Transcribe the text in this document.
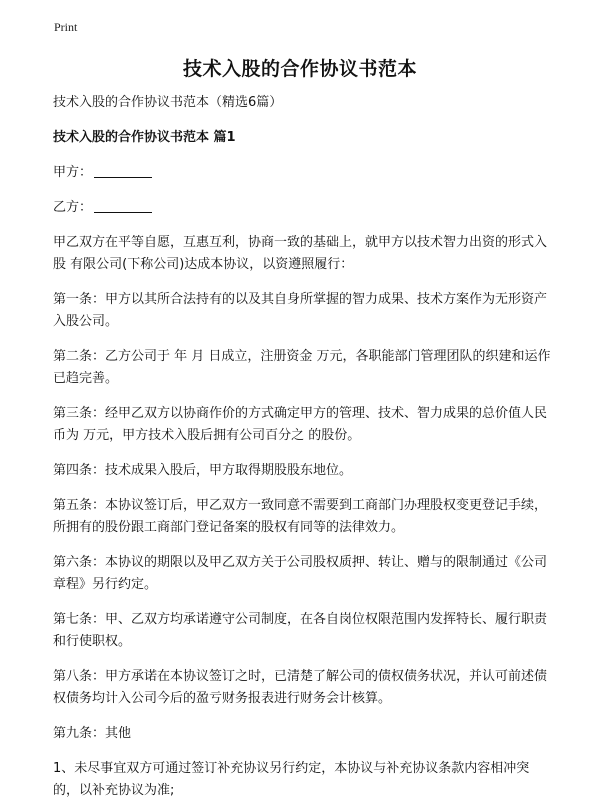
Print
技术入股的合作协议书范本

技术入股的合作协议书范本（精选6篇）

技术入股的合作协议书范本 篇1

甲方：

乙方：

甲乙双方在平等自愿，互惠互利，协商一致的基础上，就甲方以技术智力出资的形式入股 有限公司(下称公司)达成本协议，以资遵照履行：

第一条：甲方以其所合法持有的以及其自身所掌握的智力成果、技术方案作为无形资产入股公司。

第二条：乙方公司于 年 月 日成立，注册资金 万元，各职能部门管理团队的织建和运作已趋完善。

第三条：经甲乙双方以协商作价的方式确定甲方的管理、技术、智力成果的总价值人民币为 万元，甲方技术入股后拥有公司百分之 的股份。

第四条：技术成果入股后，甲方取得期股股东地位。

第五条：本协议签订后，甲乙双方一致同意不需要到工商部门办理股权变更登记手续，所拥有的股份跟工商部门登记备案的股权有同等的法律效力。

第六条：本协议的期限以及甲乙双方关于公司股权质押、转让、赠与的限制通过《公司章程》另行约定。

第七条：甲、乙双方均承诺遵守公司制度，在各自岗位权限范围内发挥特长、履行职责和行使职权。

第八条：甲方承诺在本协议签订之时，已清楚了解公司的债权债务状况，并认可前述债权债务均计入公司今后的盈亏财务报表进行财务会计核算。

第九条：其他

1、未尽事宜双方可通过签订补充协议另行约定，本协议与补充协议条款内容相冲突的，以补充协议为准;
